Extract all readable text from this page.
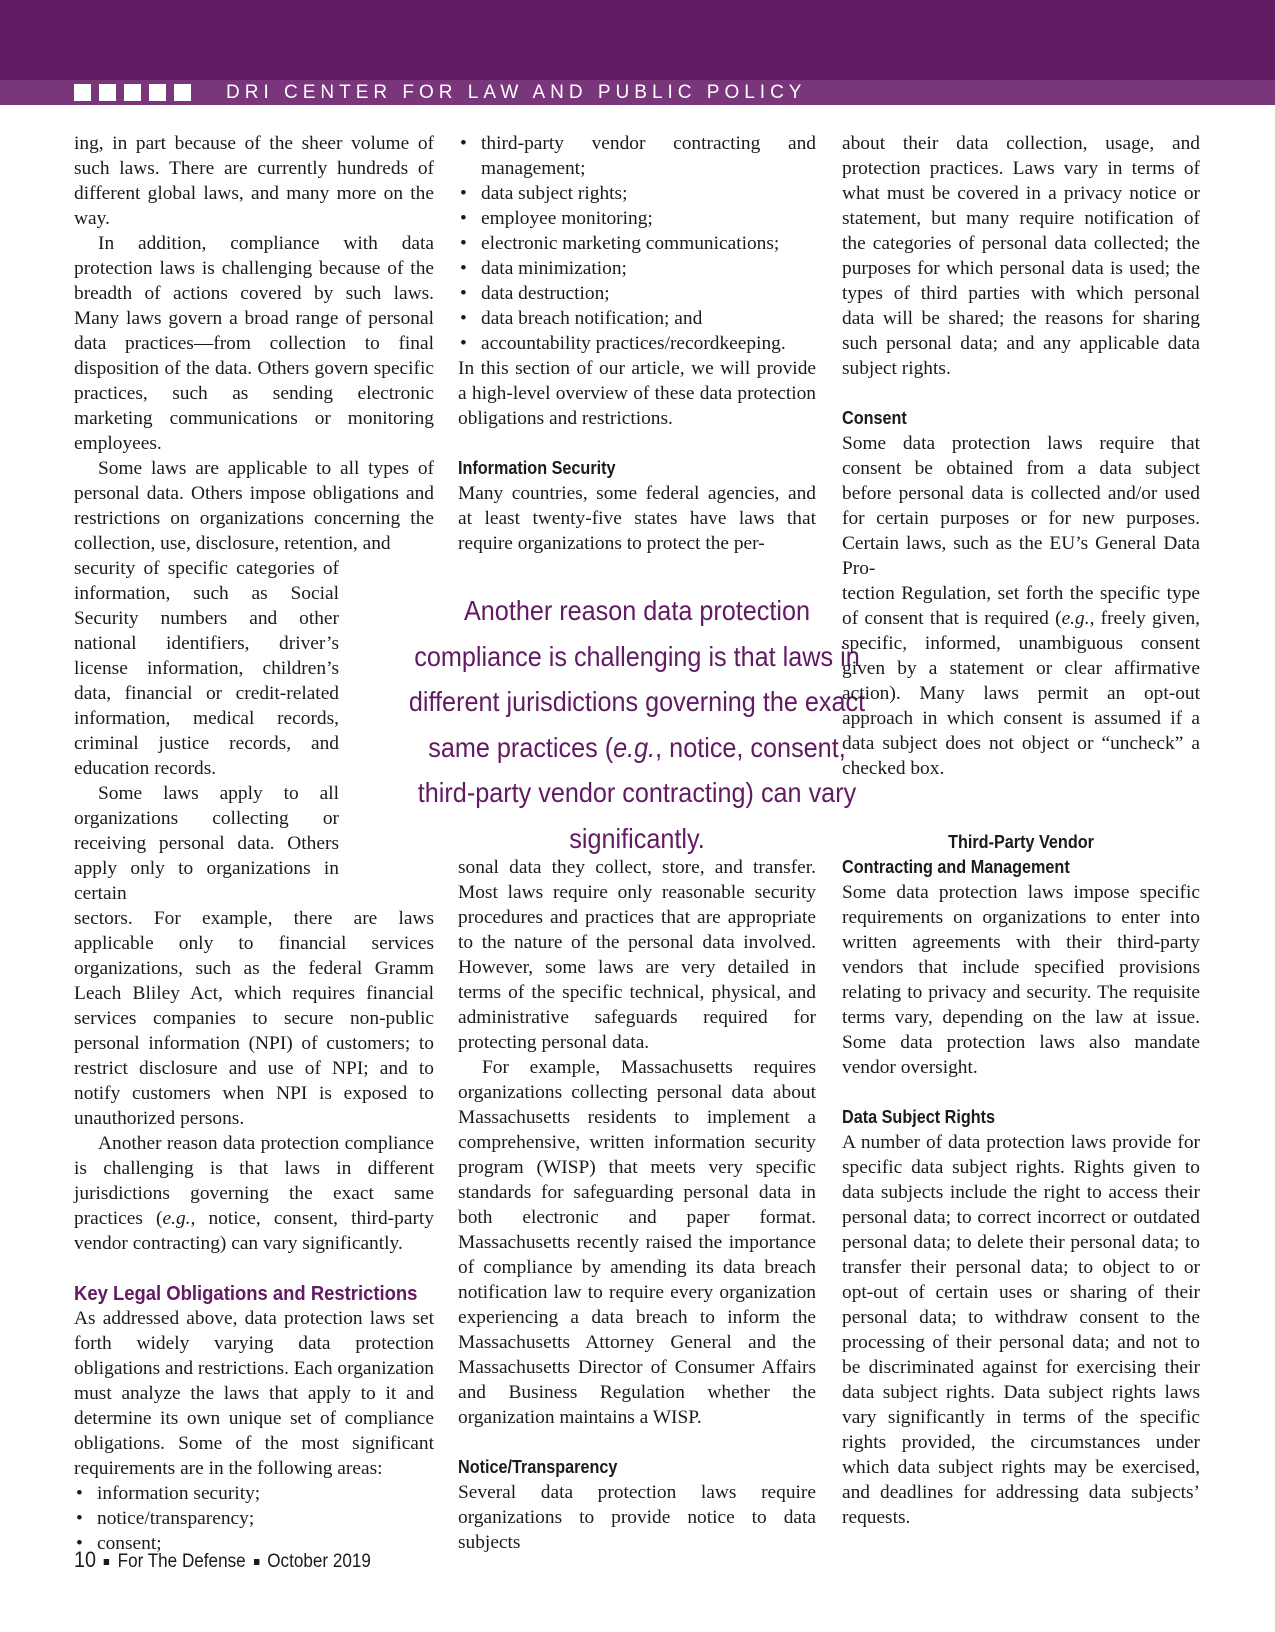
DRI CENTER FOR LAW AND PUBLIC POLICY

ing, in part because of the sheer volume of such laws. There are currently hundreds of different global laws, and many more on the way.

In addition, compliance with data protection laws is challenging because of the breadth of actions covered by such laws. Many laws govern a broad range of personal data practices—from collection to final disposition of the data. Others govern specific practices, such as sending electronic marketing communications or monitoring employees.

Some laws are applicable to all types of personal data. Others impose obligations and restrictions on organizations concerning the collection, use, disclosure, retention, and

security of specific categories of information, such as Social Security numbers and other national identifiers, driver’s license information, children’s data, financial or credit-related information, medical records, criminal justice records, and education records.

Some laws apply to all organizations collecting or receiving personal data. Others apply only to organizations in certain

sectors. For example, there are laws applicable only to financial services organizations, such as the federal Gramm Leach Bliley Act, which requires financial services companies to secure non-public personal information (NPI) of customers; to restrict disclosure and use of NPI; and to notify customers when NPI is exposed to unauthorized persons.

Another reason data protection compliance is challenging is that laws in different jurisdictions governing the exact same practices (e.g., notice, consent, third-party vendor contracting) can vary significantly.

Key Legal Obligations and Restrictions

As addressed above, data protection laws set forth widely varying data protection obligations and restrictions. Each organization must analyze the laws that apply to it and determine its own unique set of compliance obligations. Some of the most significant requirements are in the following areas:

• information security;
• notice/transparency;
• consent;
• third-party vendor contracting and management;
• data subject rights;
• employee monitoring;
• electronic marketing communications;
• data minimization;
• data destruction;
• data breach notification; and
• accountability practices/recordkeeping.

In this section of our article, we will provide a high-level overview of these data protection obligations and restrictions.

Information Security

Many countries, some federal agencies, and at least twenty-five states have laws that require organizations to protect the per-

Another reason data protection compliance is challenging is that laws in different jurisdictions governing the exact same practices (e.g., notice, consent, third-party vendor contracting) can vary significantly.

sonal data they collect, store, and transfer. Most laws require only reasonable security procedures and practices that are appropriate to the nature of the personal data involved. However, some laws are very detailed in terms of the specific technical, physical, and administrative safeguards required for protecting personal data.

For example, Massachusetts requires organizations collecting personal data about Massachusetts residents to implement a comprehensive, written information security program (WISP) that meets very specific standards for safeguarding personal data in both electronic and paper format. Massachusetts recently raised the importance of compliance by amending its data breach notification law to require every organization experiencing a data breach to inform the Massachusetts Attorney General and the Massachusetts Director of Consumer Affairs and Business Regulation whether the organization maintains a WISP.

Notice/Transparency

Several data protection laws require organizations to provide notice to data subjects

about their data collection, usage, and protection practices. Laws vary in terms of what must be covered in a privacy notice or statement, but many require notification of the categories of personal data collected; the purposes for which personal data is used; the types of third parties with which personal data will be shared; the reasons for sharing such personal data; and any applicable data subject rights.

Consent

Some data protection laws require that consent be obtained from a data subject before personal data is collected and/or used for certain purposes or for new purposes. Certain laws, such as the EU’s General Data Pro-

tection Regulation, set forth the specific type of consent that is required (e.g., freely given, specific, informed, unambiguous consent given by a statement or clear affirmative action). Many laws permit an opt-out approach in which consent is assumed if a data subject does not object or “uncheck” a checked box.

Third-Party Vendor

Contracting and Management

Some data protection laws impose specific requirements on organizations to enter into written agreements with their third-party vendors that include specified provisions relating to privacy and security. The requisite terms vary, depending on the law at issue. Some data protection laws also mandate vendor oversight.

Data Subject Rights

A number of data protection laws provide for specific data subject rights. Rights given to data subjects include the right to access their personal data; to correct incorrect or outdated personal data; to delete their personal data; to transfer their personal data; to object to or opt-out of certain uses or sharing of their personal data; to withdraw consent to the processing of their personal data; and not to be discriminated against for exercising their data subject rights. Data subject rights laws vary significantly in terms of the specific rights provided, the circumstances under which data subject rights may be exercised, and deadlines for addressing data subjects’ requests.

10 For The Defense October 2019
